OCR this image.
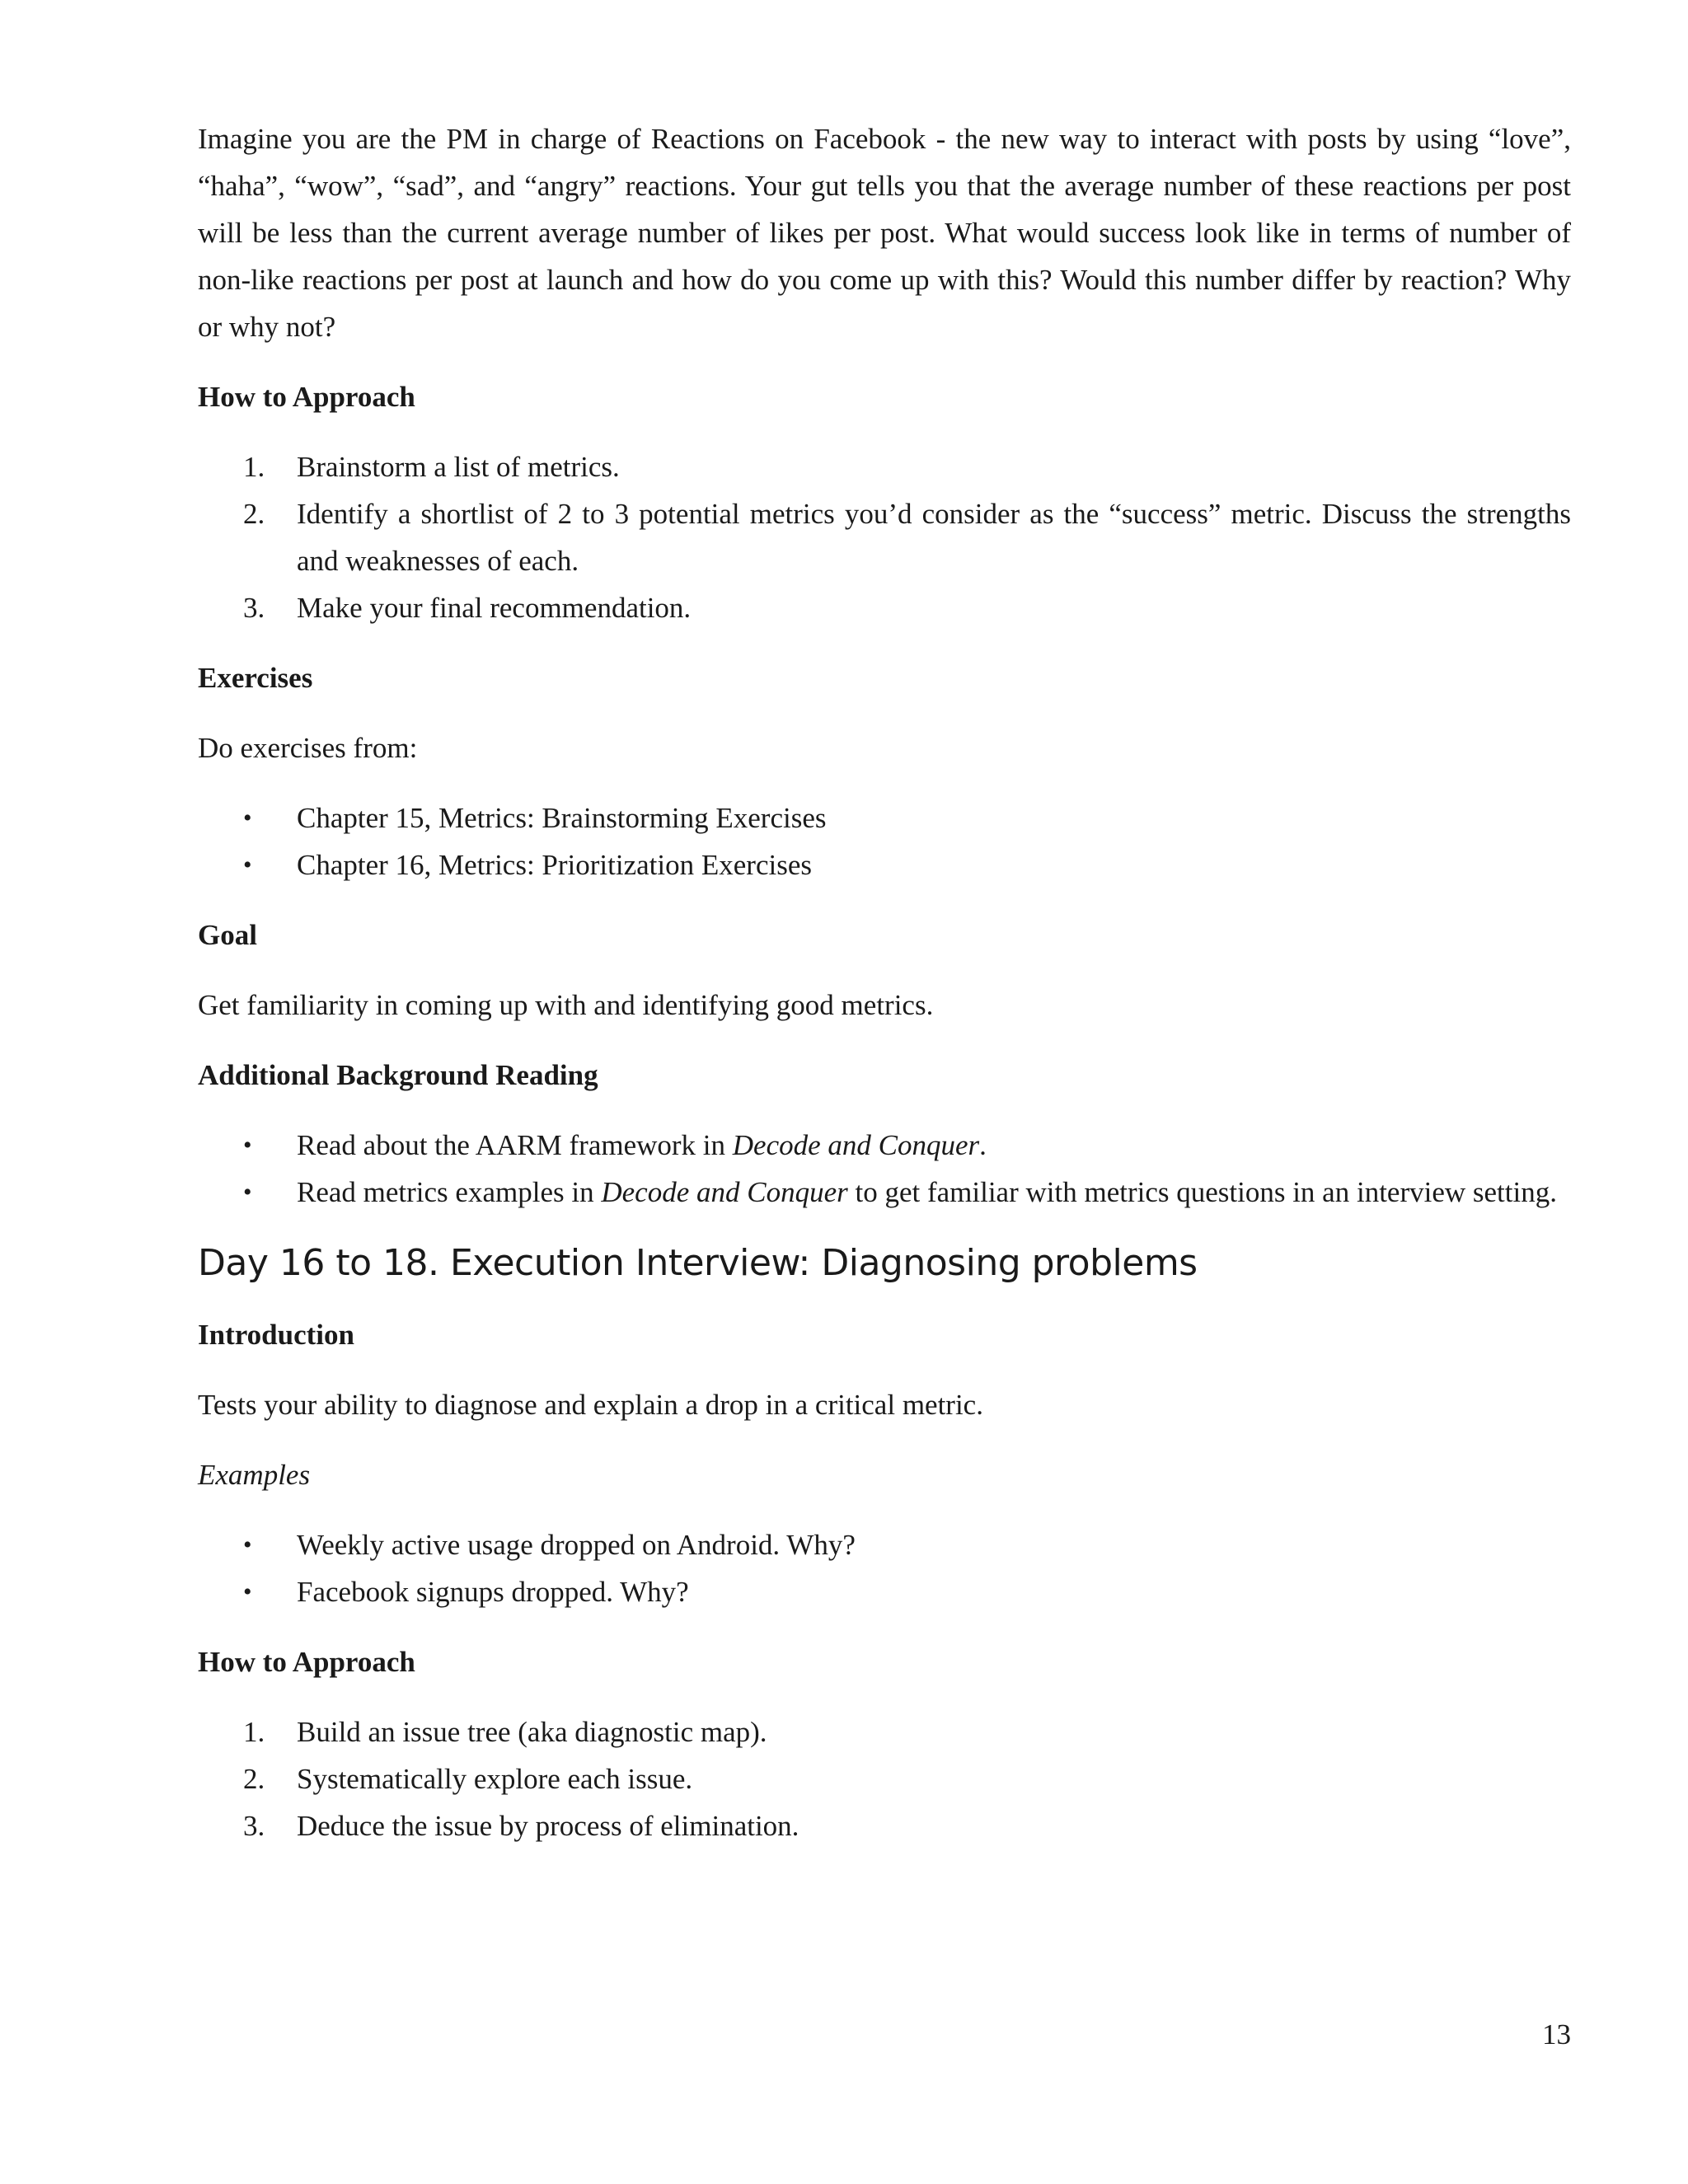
Imagine you are the PM in charge of Reactions on Facebook - the new way to interact with posts by using “love”, “haha”, “wow”, “sad”, and “angry” reactions. Your gut tells you that the average number of these reactions per post will be less than the current average number of likes per post. What would success look like in terms of number of non-like reactions per post at launch and how do you come up with this? Would this number differ by reaction? Why or why not?

How to Approach

1.	Brainstorm a list of metrics.
2.	Identify a shortlist of 2 to 3 potential metrics you’d consider as the “success” metric. Discuss the strengths and weaknesses of each.
3.	Make your final recommendation.

Exercises

Do exercises from:

•	Chapter 15, Metrics: Brainstorming Exercises
•	Chapter 16, Metrics: Prioritization Exercises

Goal

Get familiarity in coming up with and identifying good metrics.

Additional Background Reading

•	Read about the AARM framework in Decode and Conquer.
•	Read metrics examples in Decode and Conquer to get familiar with metrics questions in an interview setting.
Day 16 to 18. Execution Interview: Diagnosing problems

Introduction

Tests your ability to diagnose and explain a drop in a critical metric.

Examples

•	Weekly active usage dropped on Android. Why?
•	Facebook signups dropped. Why?

How to Approach

1.	Build an issue tree (aka diagnostic map).
2.	Systematically explore each issue.
3.	Deduce the issue by process of elimination.
13
